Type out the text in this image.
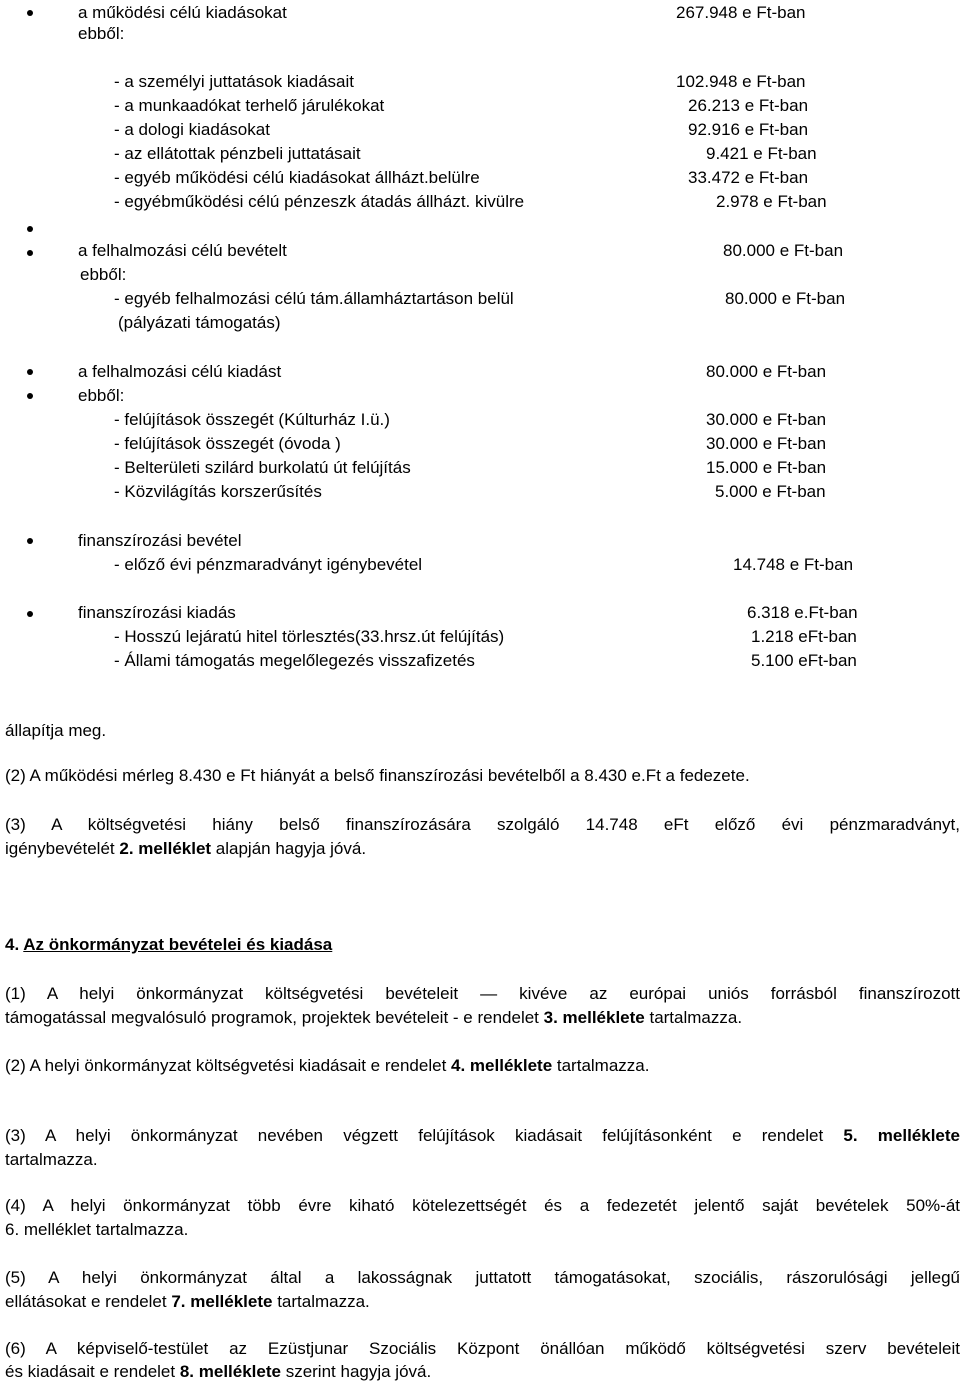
a működési célú kiadásokat	267.948 e Ft-ban
ebből:
- a személyi juttatások kiadásait	102.948 e Ft-ban
- a munkaadókat terhelő járulékokat	26.213 e Ft-ban
- a dologi kiadásokat	92.916 e Ft-ban
- az ellátottak pénzbeli juttatásait	9.421 e Ft-ban
- egyéb működési célú kiadásokat állházt.belülre	33.472 e Ft-ban
- egyébműködési célú pénzeszk átadás állházt. kivülre	2.978 e Ft-ban
a felhalmozási célú bevételt	80.000 e Ft-ban
ebből:
- egyéb felhalmozási célú tám.államháztartáson belül	80.000 e Ft-ban
(pályázati támogatás)
a felhalmozási célú kiadást	80.000 e Ft-ban
ebből:
- felújítások összegét (Kúlturház I.ü.)	30.000 e Ft-ban
- felújítások összegét (óvoda )	30.000 e Ft-ban
- Belterületi szilárd burkolatú út felújítás	15.000 e Ft-ban
- Közvilágítás korszerűsítés	5.000 e Ft-ban
finanszírozási bevétel
- előző évi pénzmaradványt igénybevétel	14.748 e Ft-ban
finanszírozási kiadás	6.318 e.Ft-ban
- Hosszú lejáratú hitel törlesztés(33.hrsz.út felújítás)	1.218 eFt-ban
- Állami támogatás megelőlegezés visszafizetés	5.100 eFt-ban
állapítja meg.
(2) A működési mérleg 8.430 e Ft hiányát a belső finanszírozási bevételből a 8.430 e.Ft a fedezete.
(3) A költségvetési hiány belső finanszírozására szolgáló 14.748 eFt előző évi pénzmaradványt,
igénybevételét 2. melléklet alapján hagyja jóvá.
4. Az önkormányzat bevételei és kiadása
(1) A helyi önkormányzat költségvetési bevételeit — kivéve az európai uniós forrásból finanszírozott
támogatással megvalósuló programok, projektek bevételeit - e rendelet 3. melléklete tartalmazza.
(2) A helyi önkormányzat költségvetési kiadásait e rendelet 4. melléklete tartalmazza.
(3) A helyi önkormányzat nevében végzett felújítások kiadásait felújításonként e rendelet 5. melléklete
tartalmazza.
(4) A helyi önkormányzat több évre kiható kötelezettségét és a fedezetét jelentő saját bevételek 50%-át
6. melléklet tartalmazza.
(5) A helyi önkormányzat által a lakosságnak juttatott támogatásokat, szociális, rászorulósági jellegű
ellátásokat e rendelet 7. melléklete tartalmazza.
(6) A képviselő-testület az Ezüstjunar Szociális Központ önállóan működő költségvetési szerv bevételeit
és kiadásait e rendelet 8. melléklete szerint hagyja jóvá.
